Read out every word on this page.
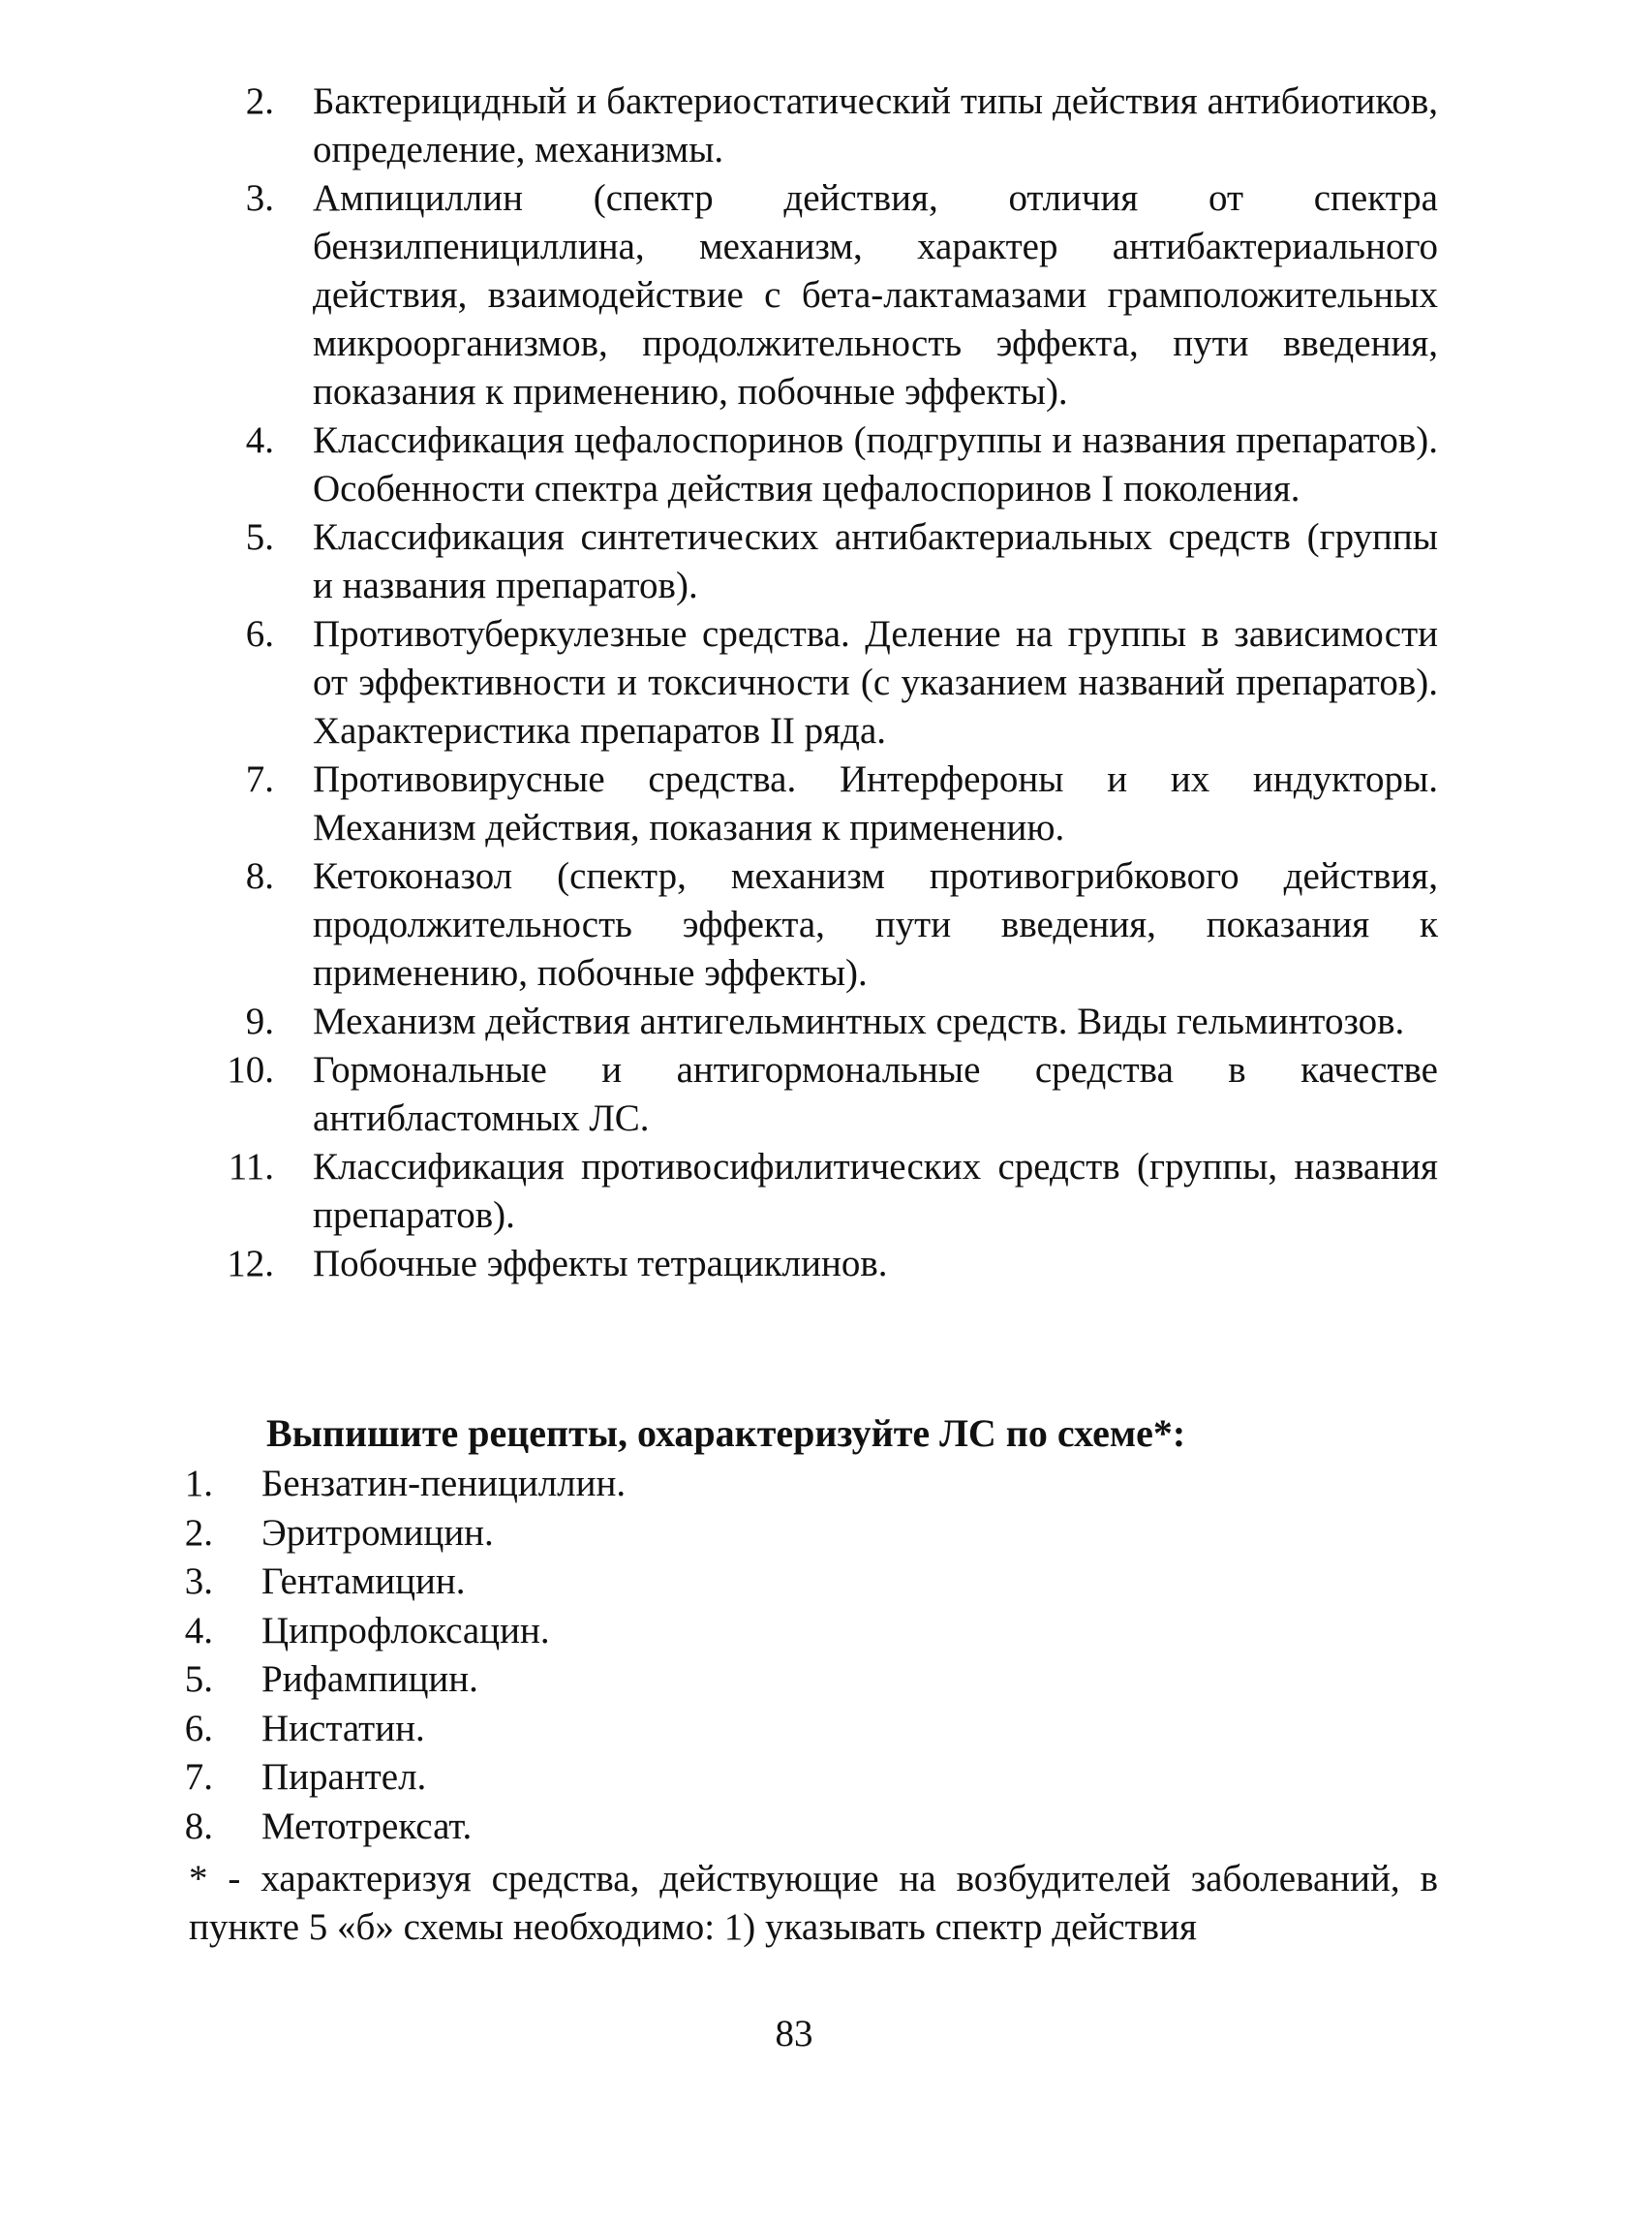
2.	Бактерицидный и бактериостатический типы действия антибиотиков, определение, механизмы.
3.	Ампициллин (спектр действия, отличия от спектра бензилпенициллина, механизм, характер антибактериального действия, взаимодействие с бета-лактамазами грамположительных микроорганизмов, продолжительность эффекта, пути введения, показания к применению, побочные эффекты).
4.	Классификация цефалоспоринов (подгруппы и названия препаратов). Особенности спектра действия цефалоспоринов I поколения.
5.	Классификация синтетических антибактериальных средств (группы и названия препаратов).
6.	Противотуберкулезные средства. Деление на группы в зависимости от эффективности и токсичности (с указанием названий препаратов). Характеристика препаратов II ряда.
7.	Противовирусные средства. Интерфероны и их индукторы. Механизм действия, показания к применению.
8.	Кетоконазол (спектр, механизм противогрибкового действия, продолжительность эффекта, пути введения, показания к применению, побочные эффекты).
9.	Механизм действия антигельминтных средств. Виды гельминтозов.
10.	Гормональные и антигормональные средства в качестве антибластомных ЛС.
11.	Классификация противосифилитических средств (группы, названия препаратов).
12.	Побочные эффекты тетрациклинов.
Выпишите рецепты, охарактеризуйте ЛС по схеме*:
1.	Бензатин-пенициллин.
2.	Эритромицин.
3.	Гентамицин.
4.	Ципрофлоксацин.
5.	Рифампицин.
6.	Нистатин.
7.	Пирантел.
8.	Метотрексат.

* - характеризуя средства, действующие на возбудителей заболеваний, в пункте 5 «б» схемы необходимо: 1) указывать спектр действия

83
